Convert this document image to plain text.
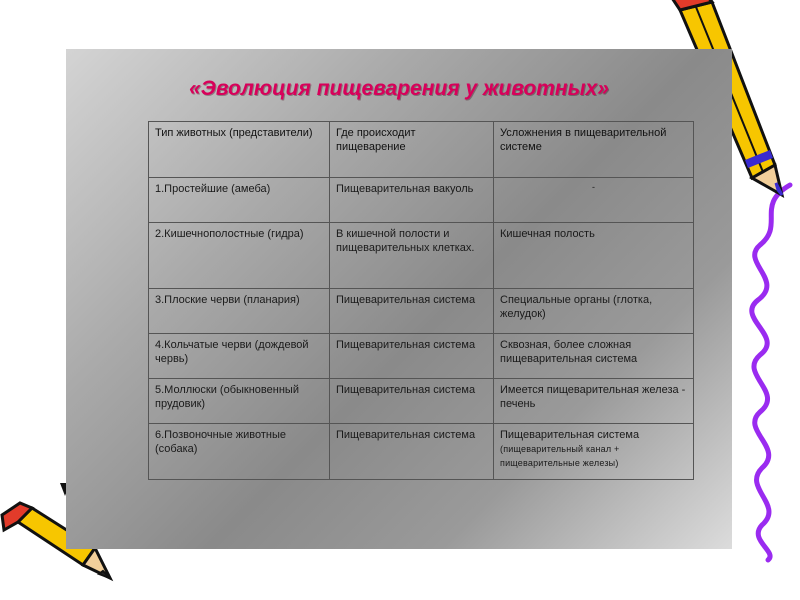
«Эволюция пищеварения у животных»
Тип животных (представители)	Где происходит пищеварение	Усложнения в пищеварительной системе
1.Простейшие (амеба)	Пищеварительная вакуоль	-

2.Кишечнополостные (гидра)	В кишечной полости и пищеварительных клетках.	Кишечная полость
3.Плоские черви (планария)	Пищеварительная система	Специальные органы (глотка, желудок)
4.Кольчатые черви (дождевой червь)	Пищеварительная система	Сквозная, более сложная пищеварительная система
5.Моллюски (обыкновенный прудовик)	Пищеварительная система	Имеется пищеварительная железа - печень
6.Позвоночные животные (собака)	Пищеварительная система	Пищеварительная система
(пищеварительный канал + пищеварительные железы)
